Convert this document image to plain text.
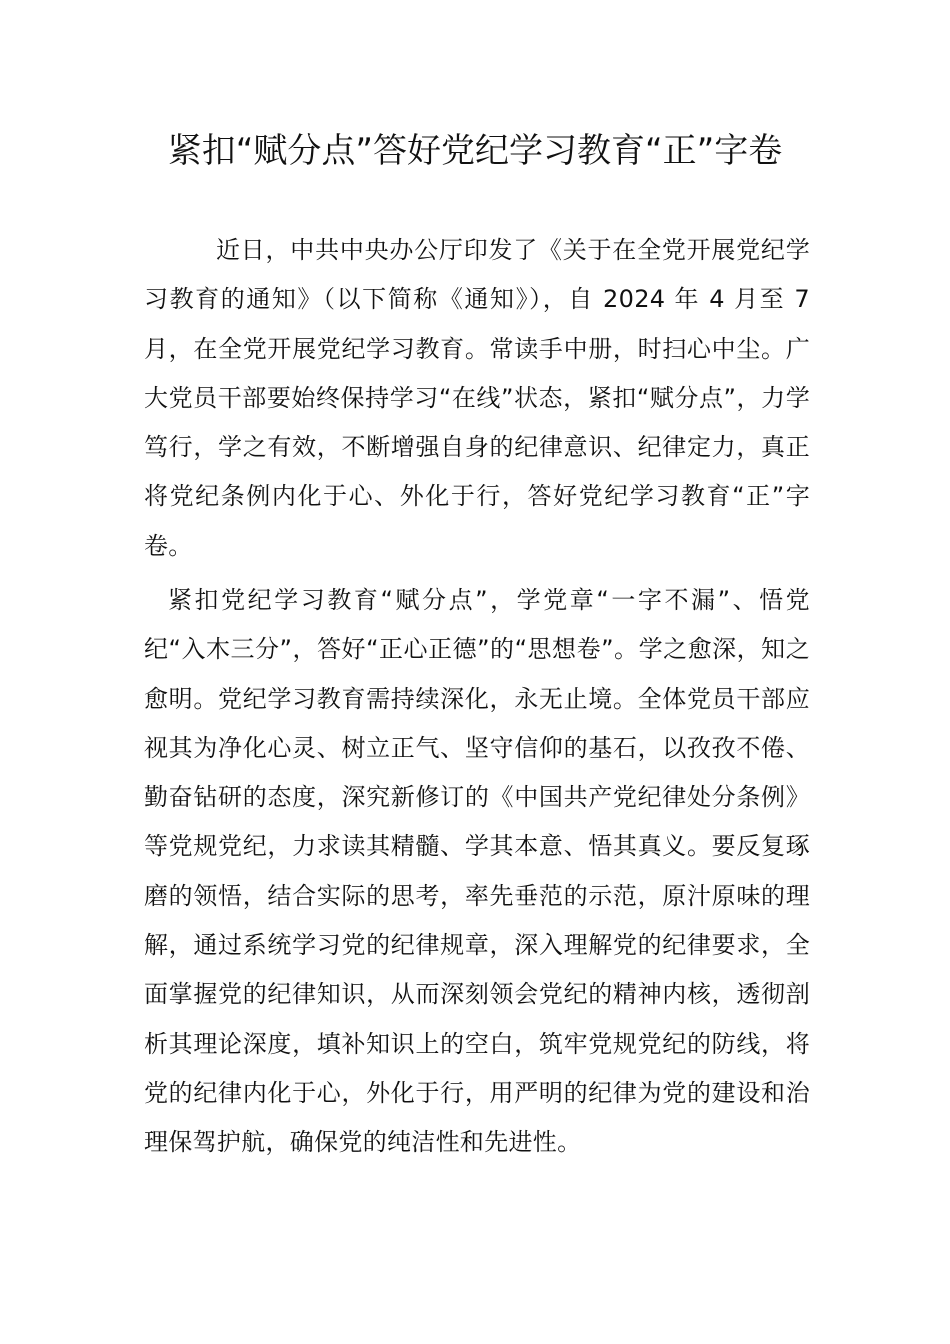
紧扣“赋分点”答好党纪学习教育“正”字卷

近日，中共中央办公厅印发了《关于在全党开展党纪学习教育的通知》（以下简称《通知》），自 2024 年 4 月至 7 月，在全党开展党纪学习教育。常读手中册，时扫心中尘。广大党员干部要始终保持学习“在线”状态，紧扣“赋分点”，力学笃行，学之有效，不断增强自身的纪律意识、纪律定力，真正将党纪条例内化于心、外化于行，答好党纪学习教育“正”字卷。

紧扣党纪学习教育“赋分点”，学党章“一字不漏”、悟党纪“入木三分”，答好“正心正德”的“思想卷”。学之愈深，知之愈明。党纪学习教育需持续深化，永无止境。全体党员干部应视其为净化心灵、树立正气、坚守信仰的基石，以孜孜不倦、勤奋钻研的态度，深究新修订的《中国共产党纪律处分条例》等党规党纪，力求读其精髓、学其本意、悟其真义。要反复琢磨的领悟，结合实际的思考，率先垂范的示范，原汁原味的理解，通过系统学习党的纪律规章，深入理解党的纪律要求，全面掌握党的纪律知识，从而深刻领会党纪的精神内核，透彻剖析其理论深度，填补知识上的空白，筑牢党规党纪的防线，将党的纪律内化于心，外化于行，用严明的纪律为党的建设和治理保驾护航，确保党的纯洁性和先进性。
